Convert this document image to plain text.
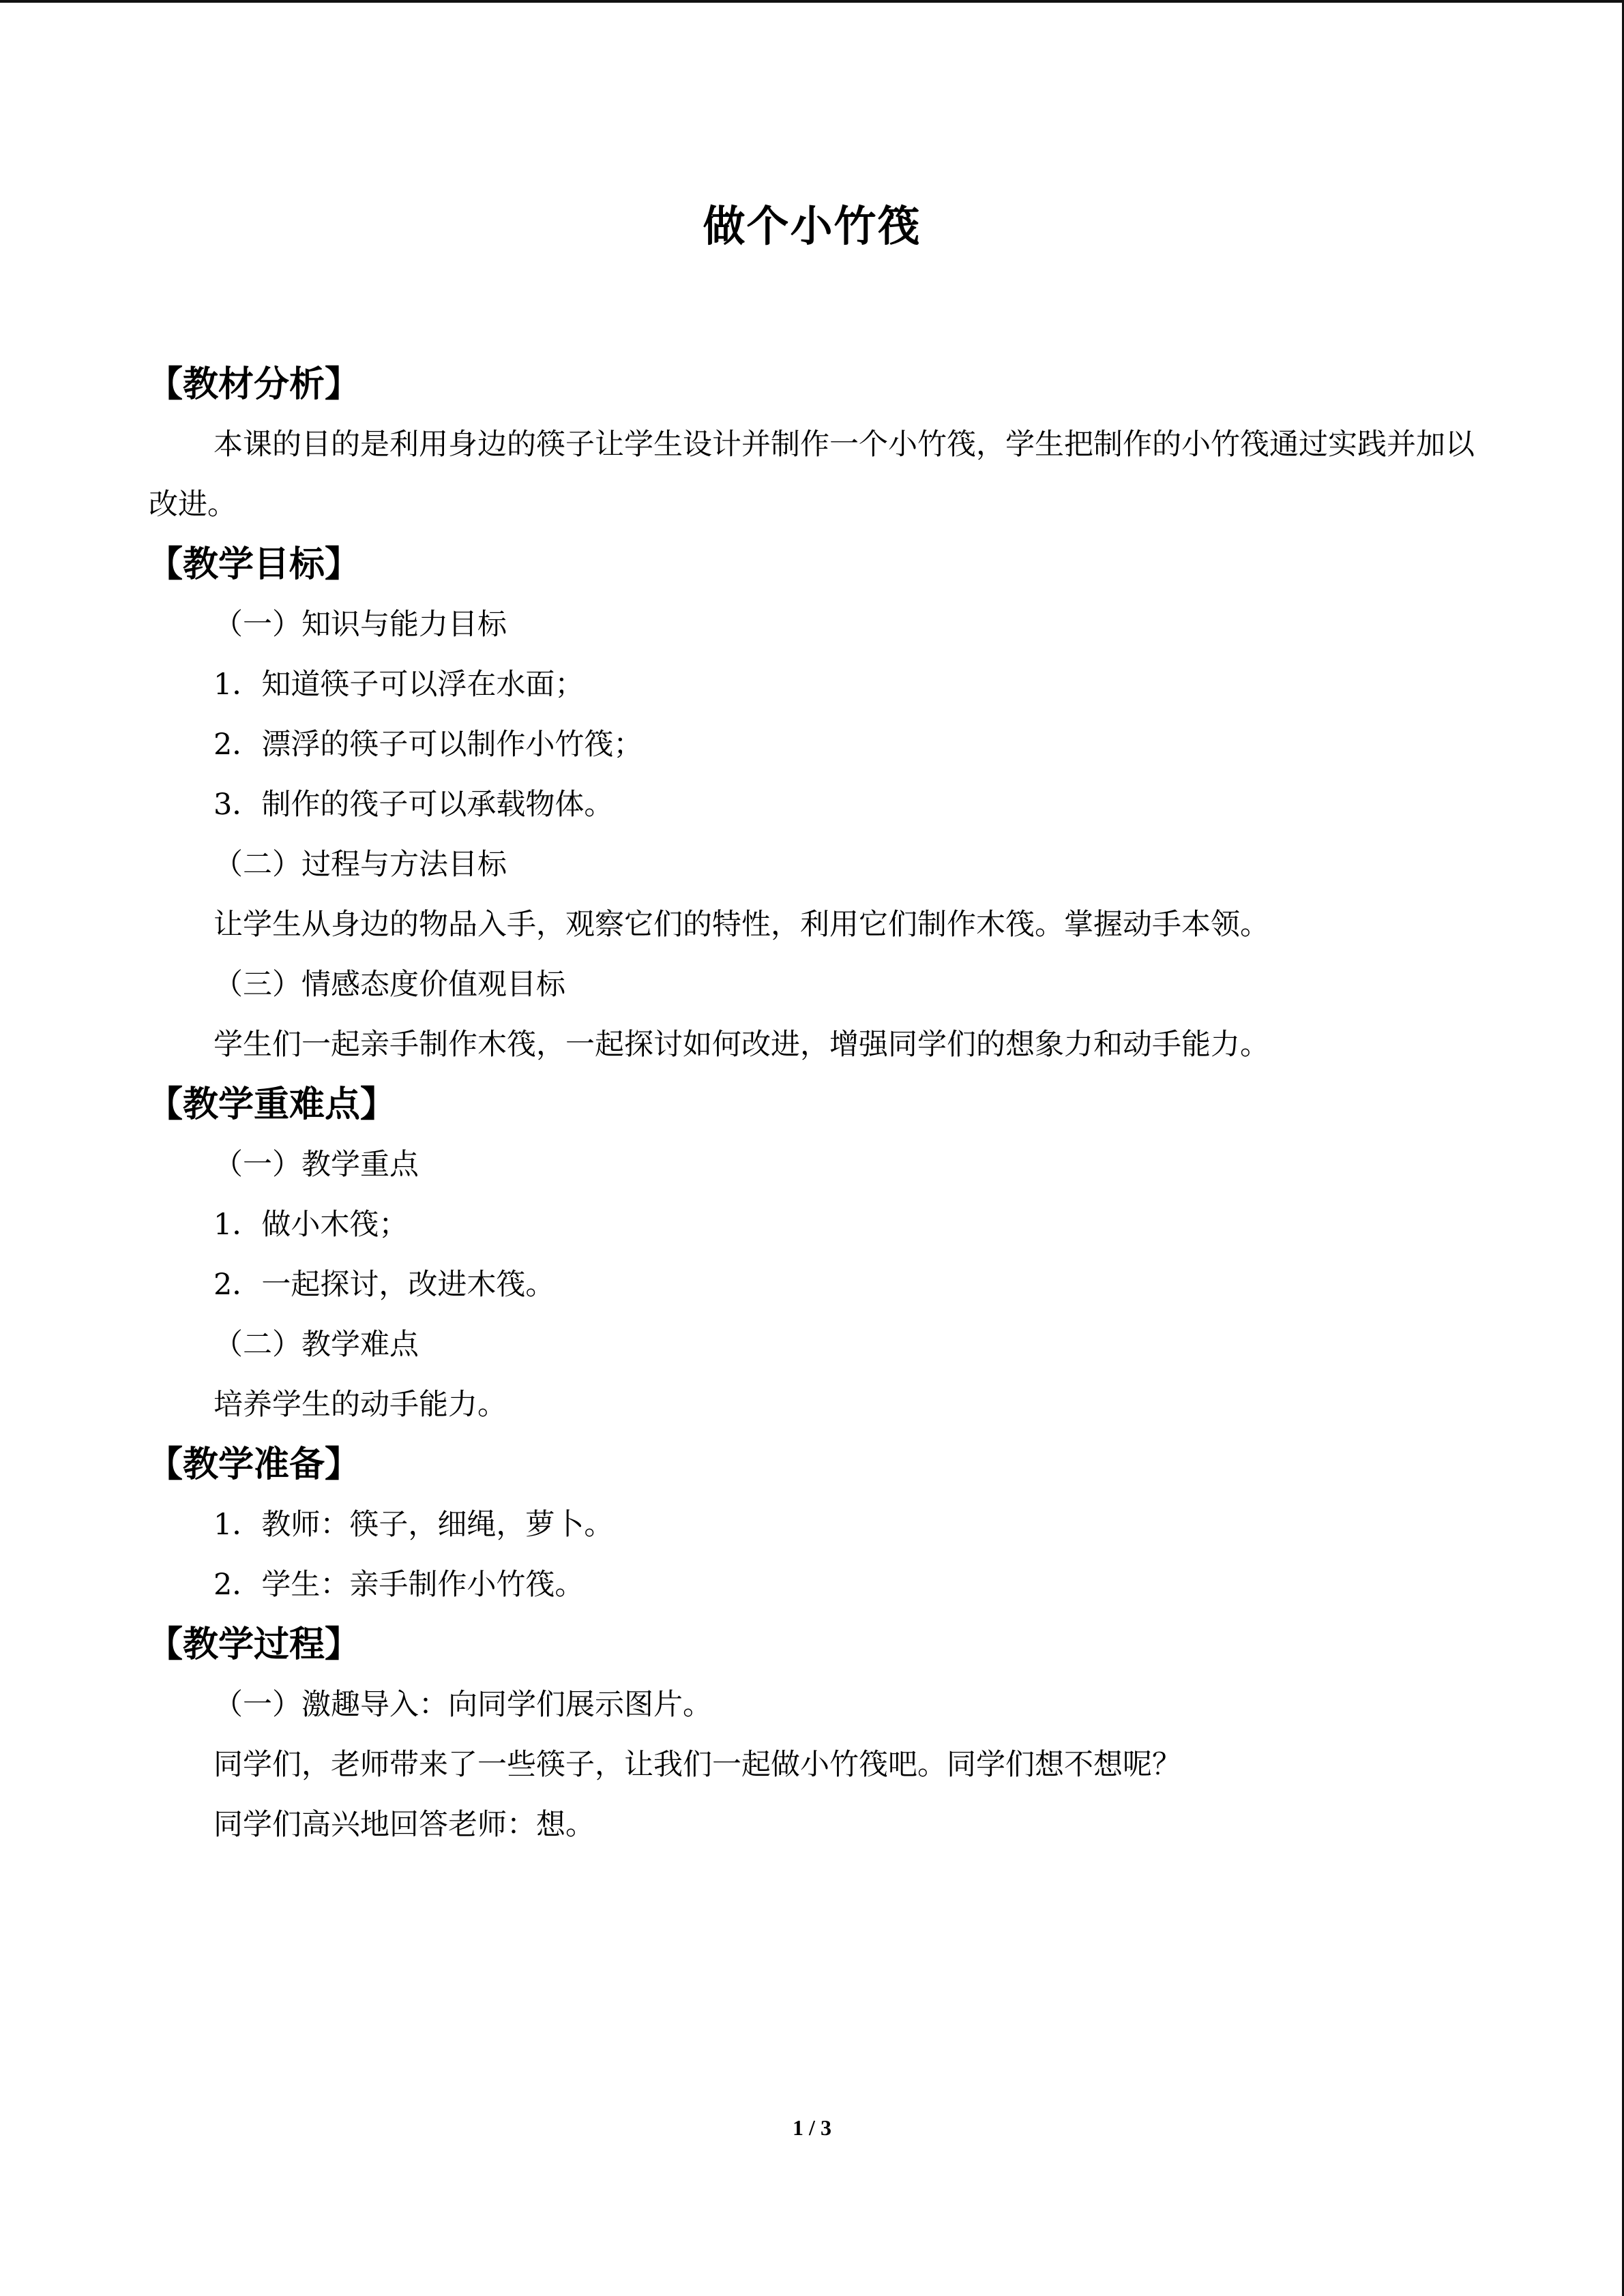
做个小竹筏
【教材分析】
本课的目的是利用身边的筷子让学生设计并制作一个小竹筏，学生把制作的小竹筏通过实践并加以改进。
【教学目标】
（一）知识与能力目标
1．知道筷子可以浮在水面；
2．漂浮的筷子可以制作小竹筏；
3．制作的筏子可以承载物体。
（二）过程与方法目标
让学生从身边的物品入手，观察它们的特性，利用它们制作木筏。掌握动手本领。
（三）情感态度价值观目标
学生们一起亲手制作木筏，一起探讨如何改进，增强同学们的想象力和动手能力。
【教学重难点】
（一）教学重点
1．做小木筏；
2．一起探讨，改进木筏。
（二）教学难点
培养学生的动手能力。
【教学准备】
1．教师：筷子，细绳，萝卜。
2．学生：亲手制作小竹筏。
【教学过程】
（一）激趣导入：向同学们展示图片。
同学们，老师带来了一些筷子，让我们一起做小竹筏吧。同学们想不想呢？
同学们高兴地回答老师：想。
1 / 3
